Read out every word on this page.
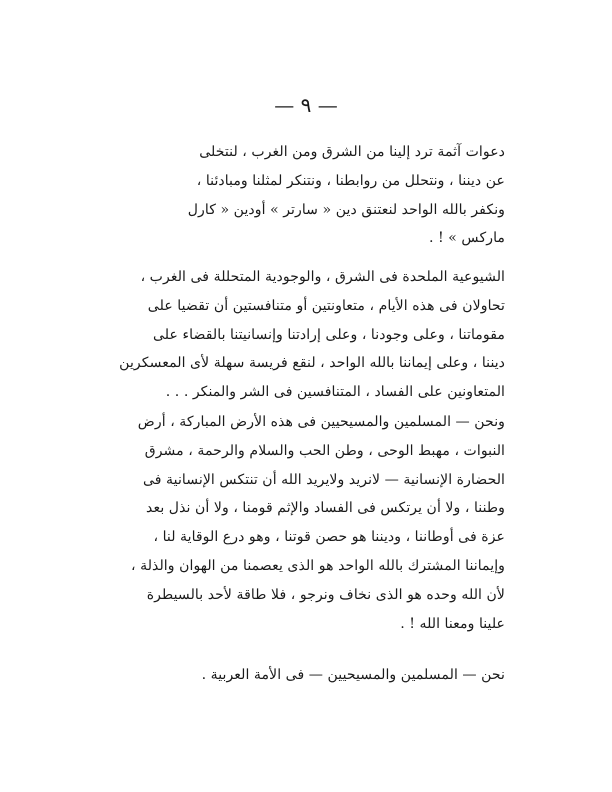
— ٩ —
دعوات آثمة ترد إلينا من الشرق ومن الغرب ، لنتخلى
عن ديننا ، ونتحلل من روابطنا ، ونتنكر لمثلنا ومبادئنا ،
ونكفر بالله الواحد لنعتنق دين « سارتر » أودين « كارل
ماركس » ! .
الشيوعية الملحدة فى الشرق ، والوجودية المتحللة فى الغرب ،
تحاولان فى هذه الأيام ، متعاونتين أو متنافستين أن تقضيا على
مقوماتنا ، وعلى وجودنا ، وعلى إرادتنا وإنسانيتنا بالقضاء على
ديننا ، وعلى إيماننا بالله الواحد ، لنقع فريسة سهلة لأى المعسكرين
المتعاونين على الفساد ، المتنافسين فى الشر والمنكر . . .
ونحن — المسلمين والمسيحيين فى هذه الأرض المباركة ، أرض
النبوات ، مهبط الوحى ، وطن الحب والسلام والرحمة ، مشرق
الحضارة الإنسانية — لانريد ولايريد الله أن تنتكس الإنسانية فى
وطننا ، ولا أن يرتكس فى الفساد والإثم قومنا ، ولا أن نذل بعد
عزة فى أوطاننا ، وديننا هو حصن قوتنا ، وهو درع الوقاية لنا ،
وإيماننا المشترك بالله الواحد هو الذى يعصمنا من الهوان والذلة ،
لأن الله وحده هو الذى نخاف ونرجو ، فلا طاقة لأحد بالسيطرة
علينا ومعنا الله ! .
نحن — المسلمين والمسيحيين — فى الأمة العربية .
